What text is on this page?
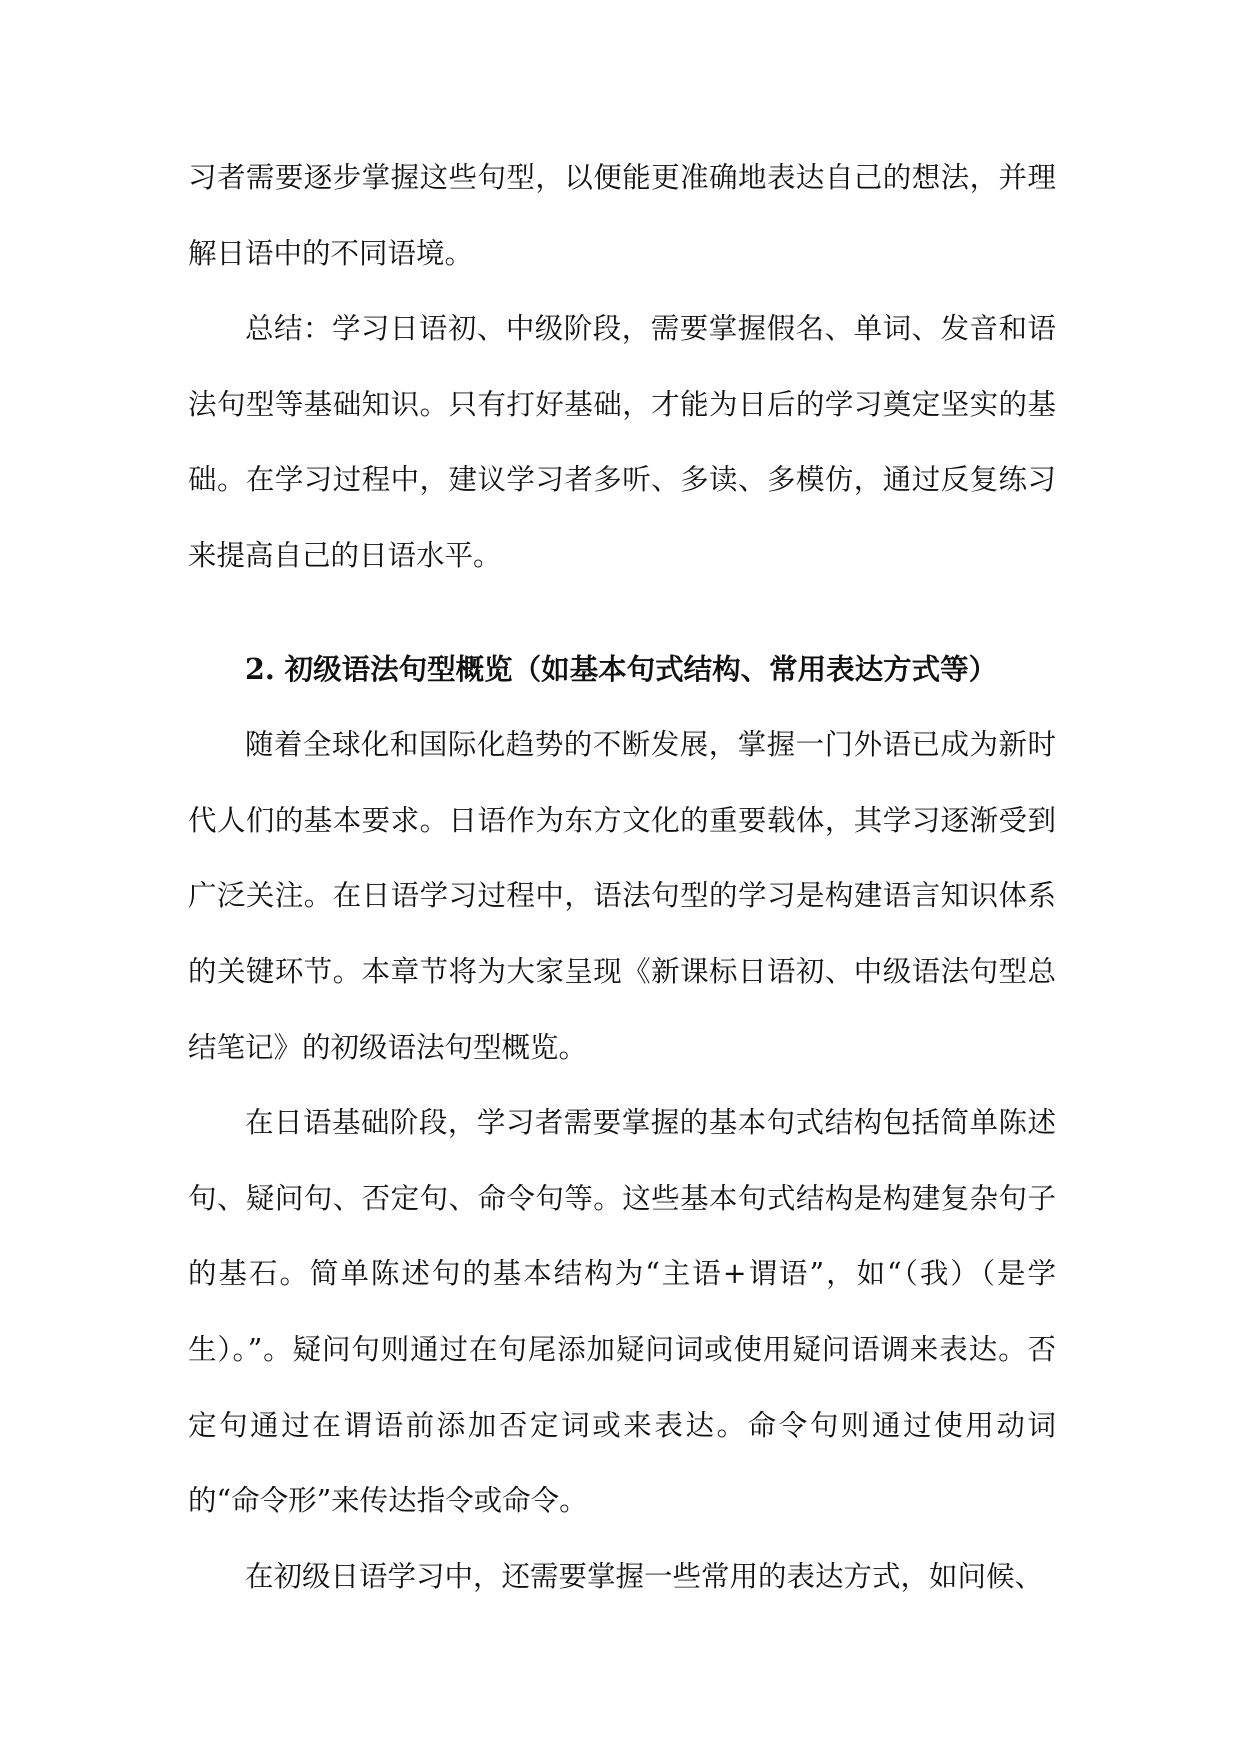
习者需要逐步掌握这些句型，以便能更准确地表达自己的想法，并理解日语中的不同语境。

总结：学习日语初、中级阶段，需要掌握假名、单词、发音和语法句型等基础知识。只有打好基础，才能为日后的学习奠定坚实的基础。在学习过程中，建议学习者多听、多读、多模仿，通过反复练习来提高自己的日语水平。

2. 初级语法句型概览（如基本句式结构、常用表达方式等）

随着全球化和国际化趋势的不断发展，掌握一门外语已成为新时代人们的基本要求。日语作为东方文化的重要载体，其学习逐渐受到广泛关注。在日语学习过程中，语法句型的学习是构建语言知识体系的关键环节。本章节将为大家呈现《新课标日语初、中级语法句型总结笔记》的初级语法句型概览。

在日语基础阶段，学习者需要掌握的基本句式结构包括简单陈述句、疑问句、否定句、命令句等。这些基本句式结构是构建复杂句子的基石。简单陈述句的基本结构为“主语+谓语”，如“（我）（是学生）。”。疑问句则通过在句尾添加疑问词或使用疑问语调来表达。否定句通过在谓语前添加否定词或来表达。命令句则通过使用动词的“命令形”来传达指令或命令。

在初级日语学习中，还需要掌握一些常用的表达方式，如问候、
